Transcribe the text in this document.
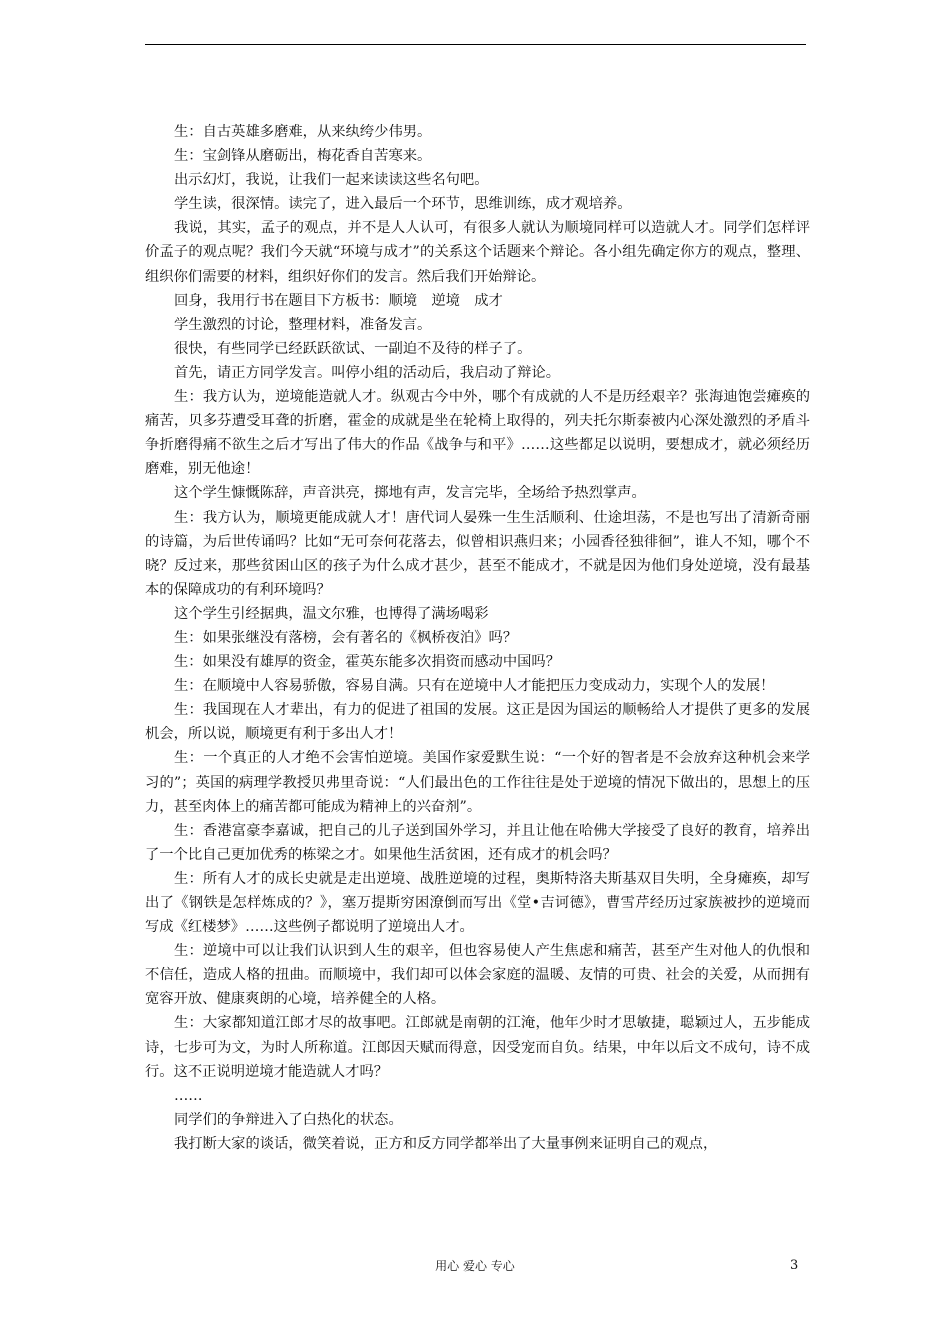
生：自古英雄多磨难，从来纨绔少伟男。

生：宝剑锋从磨砺出，梅花香自苦寒来。

出示幻灯，我说，让我们一起来读读这些名句吧。

学生读，很深情。读完了，进入最后一个环节，思维训练，成才观培养。

我说，其实，孟子的观点，并不是人人认可，有很多人就认为顺境同样可以造就人才。同学们怎样评价孟子的观点呢？我们今天就“环境与成才”的关系这个话题来个辩论。各小组先确定你方的观点，整理、组织你们需要的材料，组织好你们的发言。然后我们开始辩论。

回身，我用行书在题目下方板书：顺境　逆境　成才

学生激烈的讨论，整理材料，准备发言。

很快，有些同学已经跃跃欲试、一副迫不及待的样子了。

首先，请正方同学发言。叫停小组的活动后，我启动了辩论。

生：我方认为，逆境能造就人才。纵观古今中外，哪个有成就的人不是历经艰辛？张海迪饱尝瘫痪的痛苦，贝多芬遭受耳聋的折磨，霍金的成就是坐在轮椅上取得的，列夫托尔斯泰被内心深处激烈的矛盾斗争折磨得痛不欲生之后才写出了伟大的作品《战争与和平》……这些都足以说明，要想成才，就必须经历磨难，别无他途！

这个学生慷慨陈辞，声音洪亮，掷地有声，发言完毕，全场给予热烈掌声。

生：我方认为，顺境更能成就人才！唐代词人晏殊一生生活顺利、仕途坦荡，不是也写出了清新奇丽的诗篇，为后世传诵吗？比如“无可奈何花落去，似曾相识燕归来；小园香径独徘徊”，谁人不知，哪个不晓？反过来，那些贫困山区的孩子为什么成才甚少，甚至不能成才，不就是因为他们身处逆境，没有最基本的保障成功的有利环境吗？

这个学生引经据典，温文尔雅，也博得了满场喝彩

生：如果张继没有落榜，会有著名的《枫桥夜泊》吗？

生：如果没有雄厚的资金，霍英东能多次捐资而感动中国吗？

生：在顺境中人容易骄傲，容易自满。只有在逆境中人才能把压力变成动力，实现个人的发展！

生：我国现在人才辈出，有力的促进了祖国的发展。这正是因为国运的顺畅给人才提供了更多的发展机会，所以说，顺境更有利于多出人才！

生：一个真正的人才绝不会害怕逆境。美国作家爱默生说：“一个好的智者是不会放弃这种机会来学习的”；英国的病理学教授贝弗里奇说：“人们最出色的工作往往是处于逆境的情况下做出的，思想上的压力，甚至肉体上的痛苦都可能成为精神上的兴奋剂”。

生：香港富豪李嘉诚，把自己的儿子送到国外学习，并且让他在哈佛大学接受了良好的教育，培养出了一个比自己更加优秀的栋梁之才。如果他生活贫困，还有成才的机会吗？

生：所有人才的成长史就是走出逆境、战胜逆境的过程，奥斯特洛夫斯基双目失明，全身瘫痪，却写出了《钢铁是怎样炼成的？》，塞万提斯穷困潦倒而写出《堂•吉诃德》，曹雪芹经历过家族被抄的逆境而写成《红楼梦》……这些例子都说明了逆境出人才。

生：逆境中可以让我们认识到人生的艰辛，但也容易使人产生焦虑和痛苦，甚至产生对他人的仇恨和不信任，造成人格的扭曲。而顺境中，我们却可以体会家庭的温暖、友情的可贵、社会的关爱，从而拥有宽容开放、健康爽朗的心境，培养健全的人格。

生：大家都知道江郎才尽的故事吧。江郎就是南朝的江淹，他年少时才思敏捷，聪颖过人，五步能成诗，七步可为文，为时人所称道。江郎因天赋而得意，因受宠而自负。结果，中年以后文不成句，诗不成行。这不正说明逆境才能造就人才吗？

……

同学们的争辩进入了白热化的状态。

我打断大家的谈话，微笑着说，正方和反方同学都举出了大量事例来证明自己的观点，

用心 爱心 专心	3
